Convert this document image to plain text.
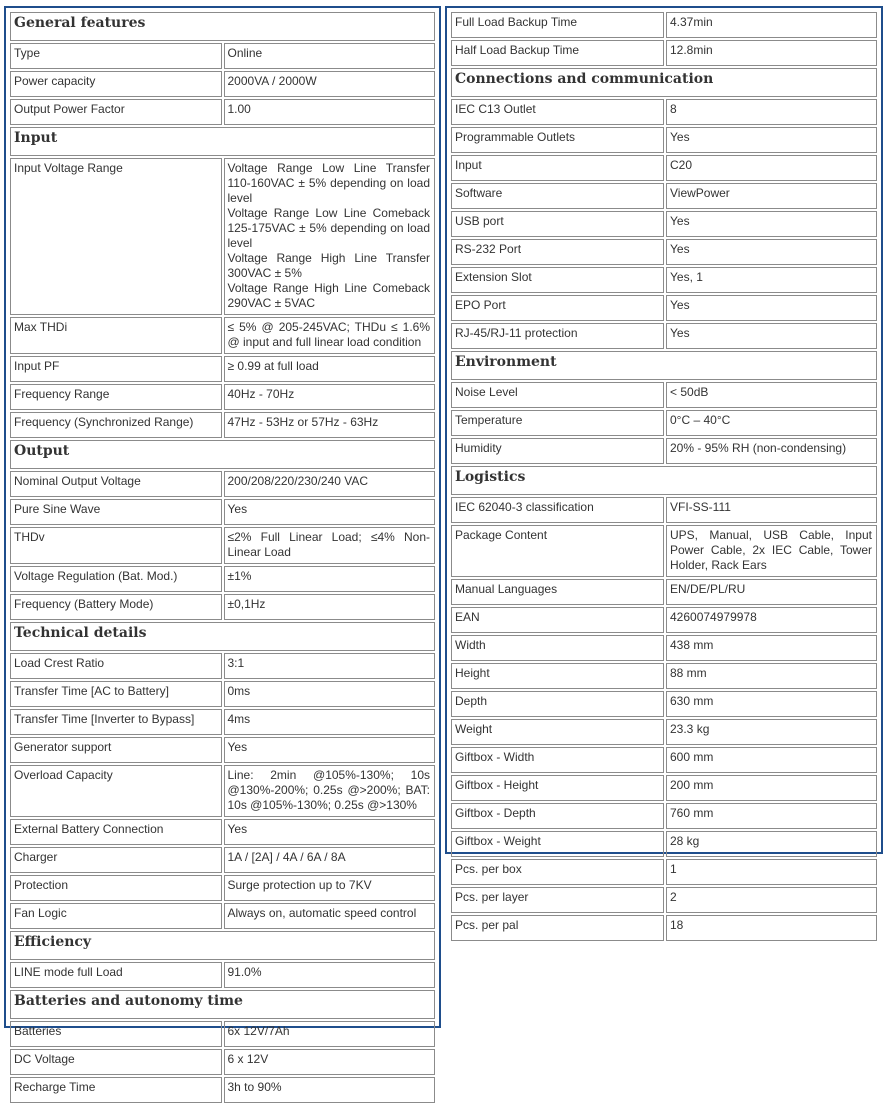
General features	
Type	Online
Power capacity	2000VA / 2000W
Output Power Factor	1.00
Input	
Input Voltage Range	Voltage Range Low Line Transfer 110-160VAC ± 5% depending on load level
Voltage Range Low Line Comeback 125-175VAC ± 5% depending on load level
Voltage Range High Line Transfer 300VAC ± 5%
Voltage Range High Line Comeback 290VAC ± 5VAC
Max THDi	≤ 5% @ 205-245VAC; THDu ≤ 1.6% @ input and full linear load condition
Input PF	≥ 0.99 at full load
Frequency Range	40Hz - 70Hz
Frequency (Synchronized Range)	47Hz - 53Hz or 57Hz - 63Hz
Output	
Nominal Output Voltage	200/208/220/230/240 VAC
Pure Sine Wave	Yes
THDv	≤2% Full Linear Load; ≤4% Non-Linear Load
Voltage Regulation (Bat. Mod.)	±1%
Frequency (Battery Mode)	±0,1Hz
Technical details	
Load Crest Ratio	3:1
Transfer Time [AC to Battery]	0ms
Transfer Time [Inverter to Bypass]	4ms
Generator support	Yes
Overload Capacity	Line: 2min @105%-130%; 10s @130%-200%; 0.25s @>200%; BAT: 10s @105%-130%; 0.25s @>130%
External Battery Connection	Yes
Charger	1A / [2A] / 4A / 6A / 8A
Protection	Surge protection up to 7KV
Fan Logic	Always on, automatic speed control
Efficiency	
LINE mode full Load	91.0%
Batteries and autonomy time	
Batteries	6x 12V/7Ah
DC Voltage	6 x 12V
Recharge Time	3h to 90%
Full Load Backup Time	4.37min
Half Load Backup Time	12.8min
Connections and communication	
IEC C13 Outlet	8
Programmable Outlets	Yes
Input	C20
Software	ViewPower
USB port	Yes
RS-232 Port	Yes
Extension Slot	Yes, 1
EPO Port	Yes
RJ-45/RJ-11 protection	Yes
Environment	
Noise Level	< 50dB
Temperature	0°C – 40°C
Humidity	20% - 95% RH (non-condensing)
Logistics	
IEC 62040-3 classification	VFI-SS-111
Package Content	UPS, Manual, USB Cable, Input Power Cable, 2x IEC Cable, Tower Holder, Rack Ears
Manual Languages	EN/DE/PL/RU
EAN	4260074979978
Width	438 mm
Height	88 mm
Depth	630 mm
Weight	23.3 kg
Giftbox - Width	600 mm
Giftbox - Height	200 mm
Giftbox - Depth	760 mm
Giftbox - Weight	28 kg
Pcs. per box	1
Pcs. per layer	2
Pcs. per pal	18
